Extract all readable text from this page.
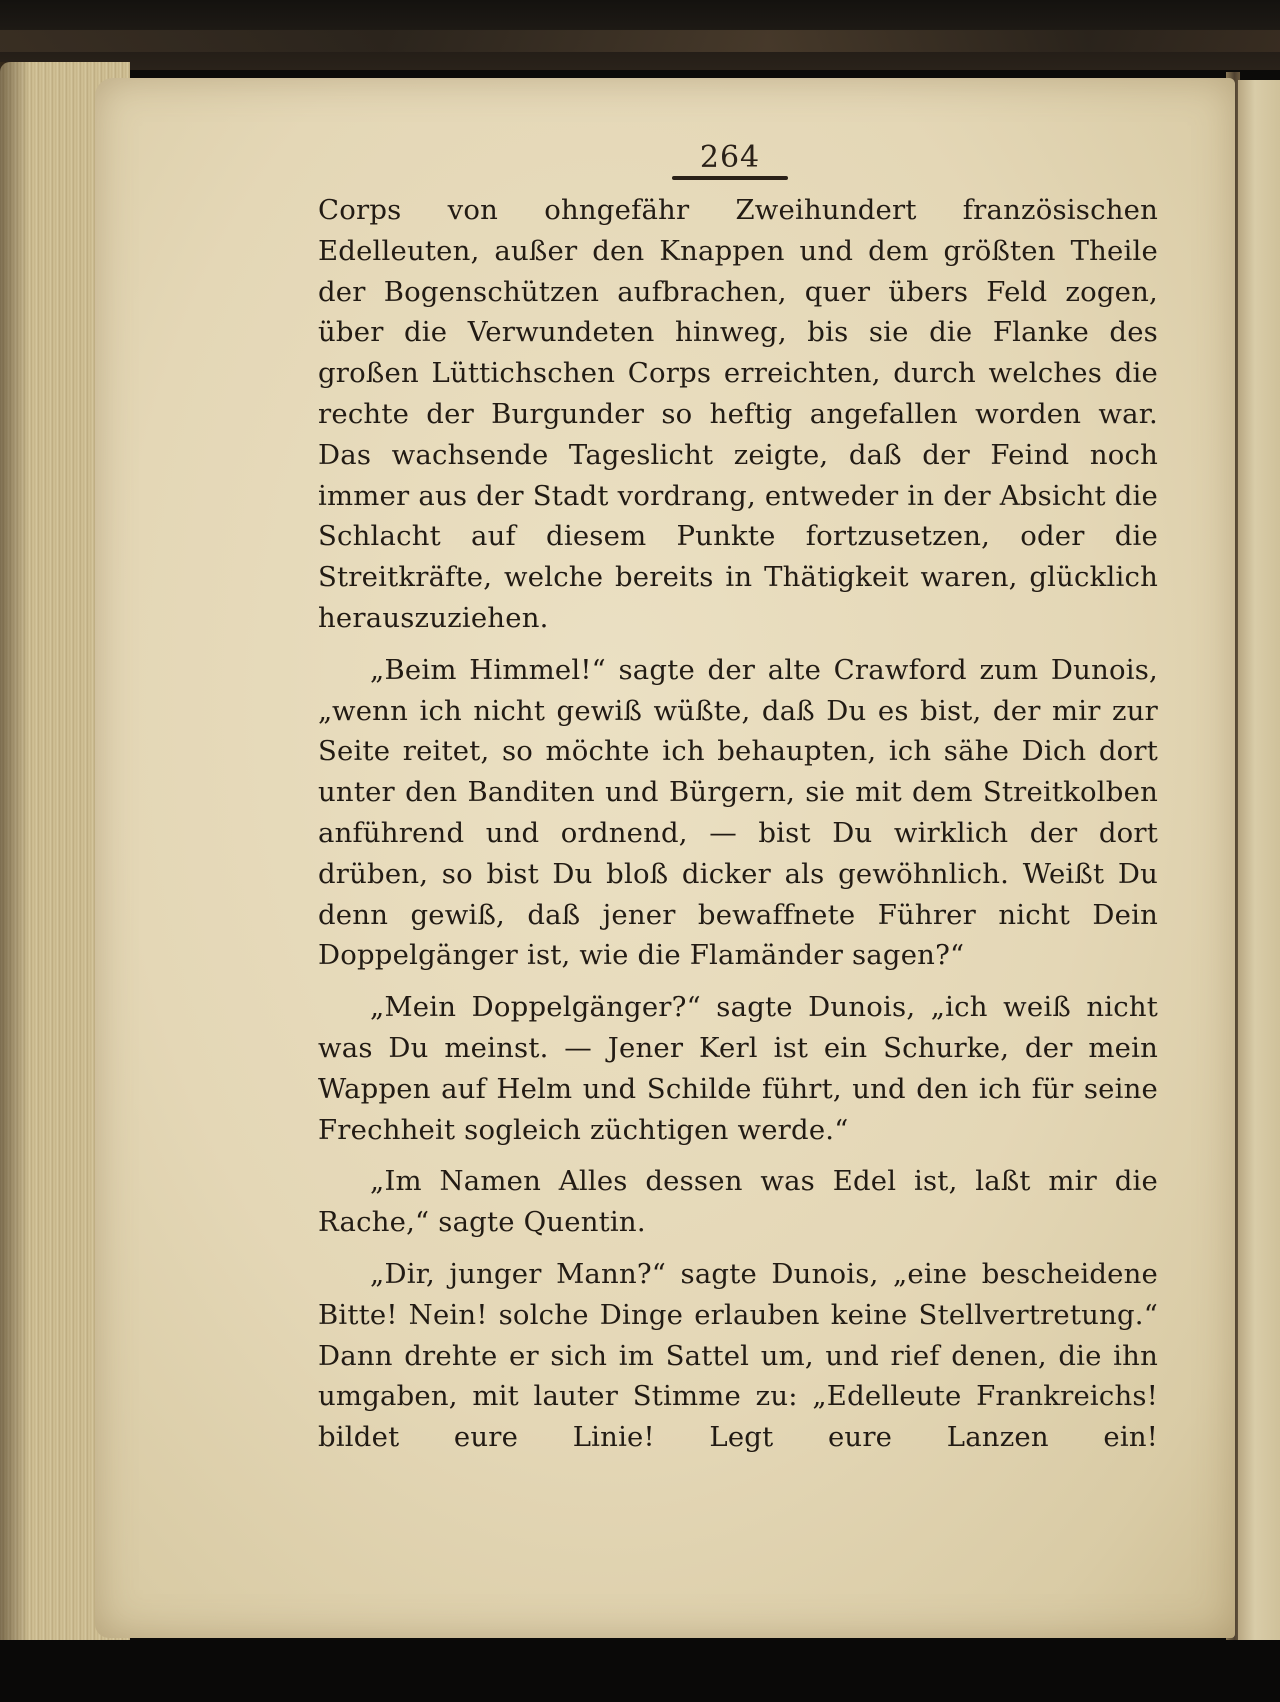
264

Corps von ohngefähr Zweihundert französischen Edelleuten, außer den Knappen und dem größten Theile der Bogenschützen aufbrachen, quer übers Feld zogen, über die Verwundeten hinweg, bis sie die Flanke des großen Lüttichschen Corps erreichten, durch welches die rechte der Burgunder so heftig angefallen worden war. Das wachsende Tageslicht zeigte, daß der Feind noch immer aus der Stadt vordrang, entweder in der Absicht die Schlacht auf diesem Punkte fortzusetzen, oder die Streitkräfte, welche bereits in Thätigkeit waren, glücklich herauszuziehen.

„Beim Himmel!“ sagte der alte Crawford zum Dunois, „wenn ich nicht gewiß wüßte, daß Du es bist, der mir zur Seite reitet, so möchte ich behaupten, ich sähe Dich dort unter den Banditen und Bürgern, sie mit dem Streitkolben anführend und ordnend, — bist Du wirklich der dort drüben, so bist Du bloß dicker als gewöhnlich. Weißt Du denn gewiß, daß jener bewaffnete Führer nicht Dein Doppelgänger ist, wie die Flamänder sagen?“

„Mein Doppelgänger?“ sagte Dunois, „ich weiß nicht was Du meinst. — Jener Kerl ist ein Schurke, der mein Wappen auf Helm und Schilde führt, und den ich für seine Frechheit sogleich züchtigen werde.“

„Im Namen Alles dessen was Edel ist, laßt mir die Rache,“ sagte Quentin.

„Dir, junger Mann?“ sagte Dunois, „eine bescheidene Bitte! Nein! solche Dinge erlauben keine Stellvertretung.“ Dann drehte er sich im Sattel um, und rief denen, die ihn umgaben, mit lauter Stimme zu: „Edelleute Frankreichs! bildet eure Linie! Legt eure Lanzen ein!
